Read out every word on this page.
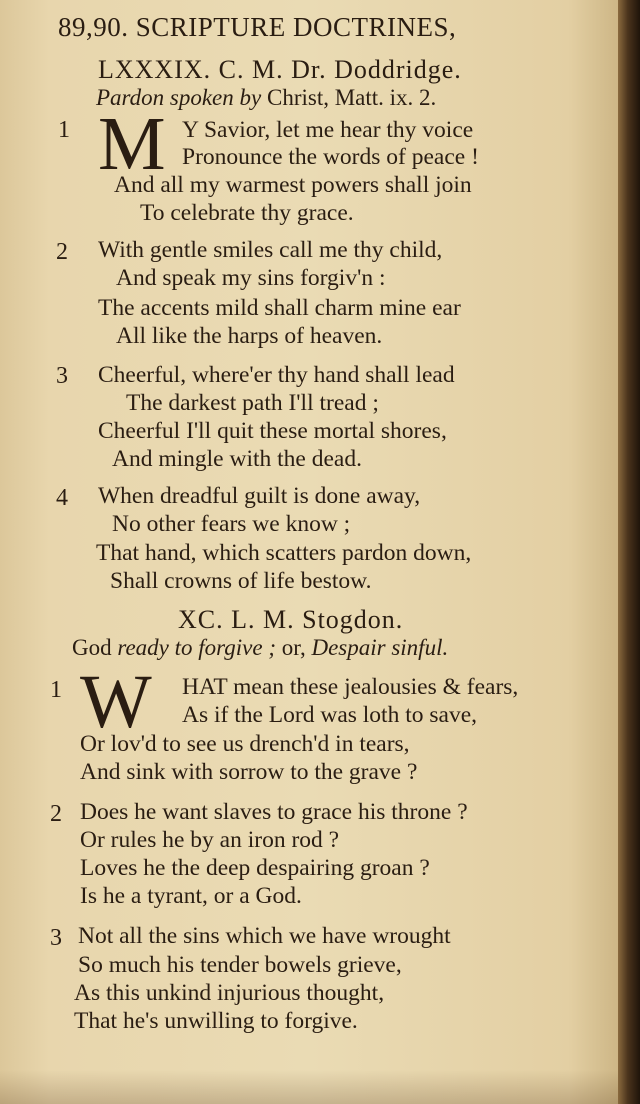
89,90. SCRIPTURE DOCTRINES,
LXXXIX. C. M. Dr. Doddridge.
Pardon spoken by Christ, Matt. ix. 2.
1 M Y Savior, let me hear thy voice
Pronounce the words of peace !
And all my warmest powers shall join
To celebrate thy grace.
2 With gentle smiles call me thy child,
And speak my sins forgiv'n :
The accents mild shall charm mine ear
All like the harps of heaven.
3 Cheerful, where'er thy hand shall lead
The darkest path I'll tread ;
Cheerful I'll quit these mortal shores,
And mingle with the dead.
4 When dreadful guilt is done away,
No other fears we know ;
That hand, which scatters pardon down,
Shall crowns of life bestow.
XC. L. M. Stogdon.
God ready to forgive ; or, Despair sinful.
1 W HAT mean these jealousies & fears,
As if the Lord was loth to save,
Or lov'd to see us drench'd in tears,
And sink with sorrow to the grave ?
2 Does he want slaves to grace his throne ?
Or rules he by an iron rod ?
Loves he the deep despairing groan ?
Is he a tyrant, or a God.
3 Not all the sins which we have wrought
So much his tender bowels grieve,
As this unkind injurious thought,
That he's unwilling to forgive.
